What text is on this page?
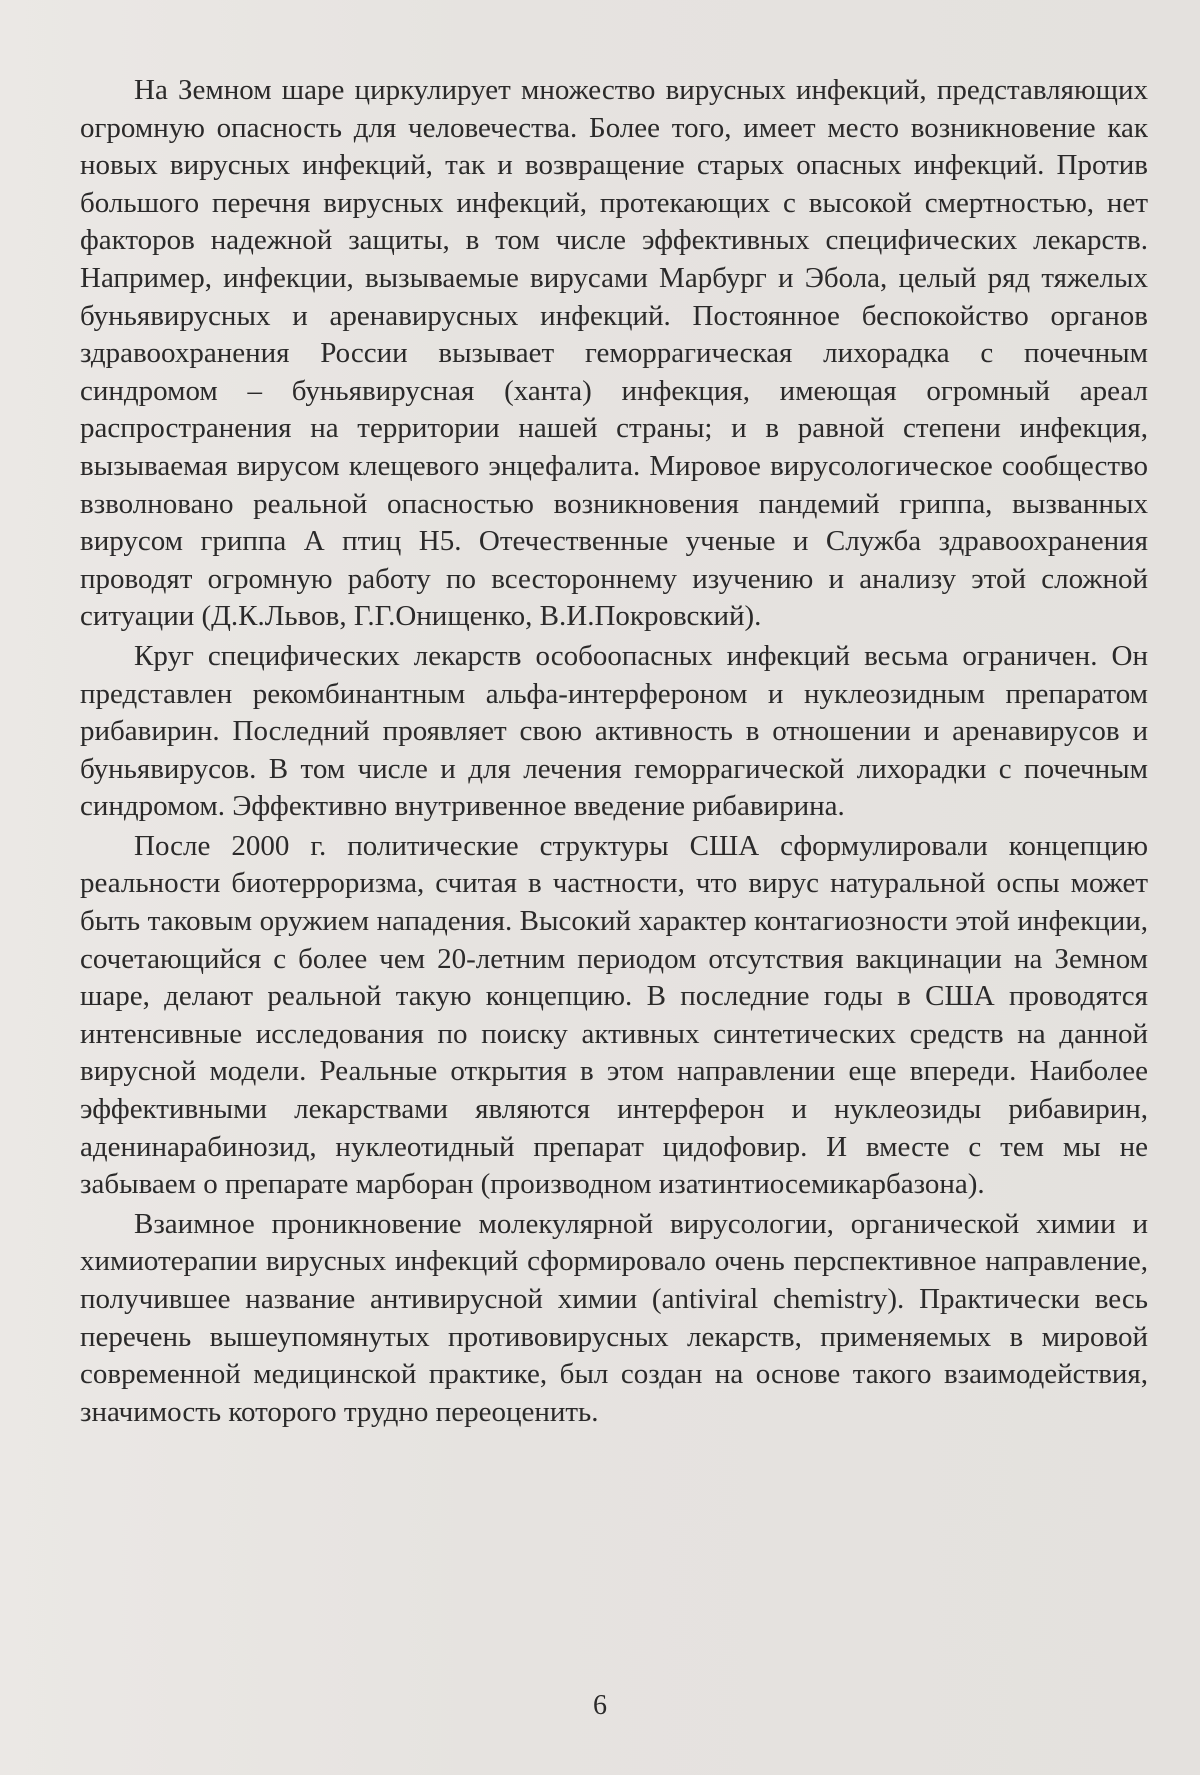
На Земном шаре циркулирует множество вирусных инфекций, представляющих огромную опасность для человечества. Более того, имеет место возникновение как новых вирусных инфекций, так и возвращение старых опасных инфекций. Против большого перечня вирусных инфекций, протекающих с высокой смертностью, нет факторов надежной защиты, в том числе эффективных специфических лекарств. Например, инфекции, вызываемые вирусами Марбург и Эбола, целый ряд тяжелых буньявирусных и аренавирусных инфекций. Постоянное беспокойство органов здравоохранения России вызывает геморрагическая лихорадка с почечным синдромом – буньявирусная (ханта) инфекция, имеющая огромный ареал распространения на территории нашей страны; и в равной степени инфекция, вызываемая вирусом клещевого энцефалита. Мировое вирусологическое сообщество взволновано реальной опасностью возникновения пандемий гриппа, вызванных вирусом гриппа А птиц Н5. Отечественные ученые и Служба здравоохранения проводят огромную работу по всестороннему изучению и анализу этой сложной ситуации (Д.К.Львов, Г.Г.Онищенко, В.И.Покровский).

Круг специфических лекарств особоопасных инфекций весьма ограничен. Он представлен рекомбинантным альфа-интерфероном и нуклеозидным препаратом рибавирин. Последний проявляет свою активность в отношении и аренавирусов и буньявирусов. В том числе и для лечения геморрагической лихорадки с почечным синдромом. Эффективно внутривенное введение рибавирина.

После 2000 г. политические структуры США сформулировали концепцию реальности биотерроризма, считая в частности, что вирус натуральной оспы может быть таковым оружием нападения. Высокий характер контагиозности этой инфекции, сочетающийся с более чем 20-летним периодом отсутствия вакцинации на Земном шаре, делают реальной такую концепцию. В последние годы в США проводятся интенсивные исследования по поиску активных синтетических средств на данной вирусной модели. Реальные открытия в этом направлении еще впереди. Наиболее эффективными лекарствами являются интерферон и нуклеозиды рибавирин, аденинарабинозид, нуклеотидный препарат цидофовир. И вместе с тем мы не забываем о препарате марборан (производном изатинтиосемикарбазона).

Взаимное проникновение молекулярной вирусологии, органической химии и химиотерапии вирусных инфекций сформировало очень перспективное направление, получившее название антивирусной химии (antiviral chemistry). Практически весь перечень вышеупомянутых противовирусных лекарств, применяемых в мировой современной медицинской практике, был создан на основе такого взаимодействия, значимость которого трудно переоценить.

6
